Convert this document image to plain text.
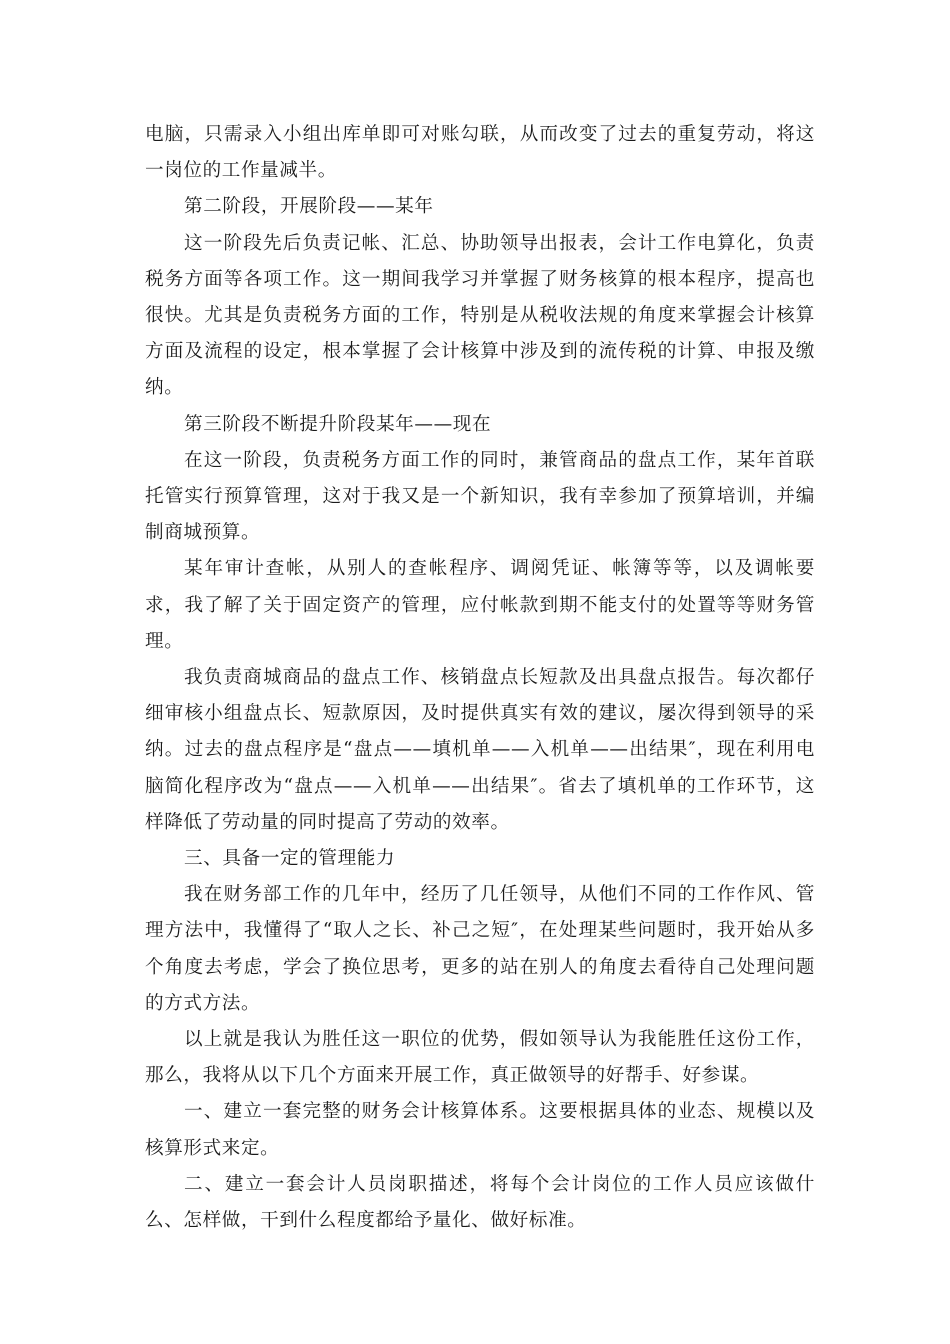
电脑，只需录入小组出库单即可对账勾联，从而改变了过去的重复劳动，将这一岗位的工作量减半。

第二阶段，开展阶段——某年

这一阶段先后负责记帐、汇总、协助领导出报表，会计工作电算化，负责税务方面等各项工作。这一期间我学习并掌握了财务核算的根本程序，提高也很快。尤其是负责税务方面的工作，特别是从税收法规的角度来掌握会计核算方面及流程的设定，根本掌握了会计核算中涉及到的流传税的计算、申报及缴纳。

第三阶段不断提升阶段某年——现在

在这一阶段，负责税务方面工作的同时，兼管商品的盘点工作，某年首联托管实行预算管理，这对于我又是一个新知识，我有幸参加了预算培训，并编制商城预算。

某年审计查帐，从别人的查帐程序、调阅凭证、帐簿等等，以及调帐要求，我了解了关于固定资产的管理，应付帐款到期不能支付的处置等等财务管理。

我负责商城商品的盘点工作、核销盘点长短款及出具盘点报告。每次都仔细审核小组盘点长、短款原因，及时提供真实有效的建议，屡次得到领导的采纳。过去的盘点程序是“盘点——填机单——入机单——出结果″，现在利用电脑简化程序改为“盘点——入机单——出结果″。省去了填机单的工作环节，这样降低了劳动量的同时提高了劳动的效率。

三、具备一定的管理能力

我在财务部工作的几年中，经历了几任领导，从他们不同的工作作风、管理方法中，我懂得了“取人之长、补己之短″，在处理某些问题时，我开始从多个角度去考虑，学会了换位思考，更多的站在别人的角度去看待自己处理问题的方式方法。

以上就是我认为胜任这一职位的优势，假如领导认为我能胜任这份工作，那么，我将从以下几个方面来开展工作，真正做领导的好帮手、好参谋。

一、建立一套完整的财务会计核算体系。这要根据具体的业态、规模以及核算形式来定。

二、建立一套会计人员岗职描述，将每个会计岗位的工作人员应该做什么、怎样做，干到什么程度都给予量化、做好标准。
